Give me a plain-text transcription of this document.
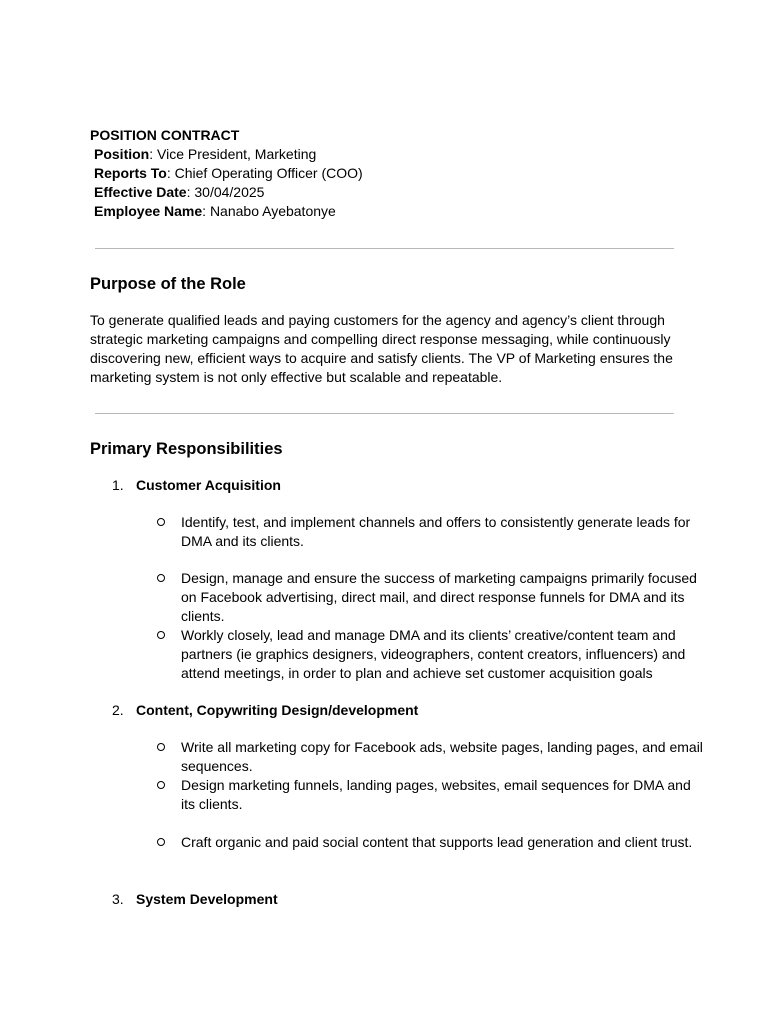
POSITION CONTRACT
Position: Vice President, Marketing
Reports To: Chief Operating Officer (COO)
Effective Date: 30/04/2025
Employee Name: Nanabo Ayebatonye
Purpose of the Role
To generate qualified leads and paying customers for the agency and agency’s client through strategic marketing campaigns and compelling direct response messaging, while continuously discovering new, efficient ways to acquire and satisfy clients. The VP of Marketing ensures the marketing system is not only effective but scalable and repeatable.
Primary Responsibilities
1. Customer Acquisition
Identify, test, and implement channels and offers to consistently generate leads for DMA and its clients.
Design, manage and ensure the success of marketing campaigns primarily focused on Facebook advertising, direct mail, and direct response funnels for DMA and its clients.
Workly closely, lead and manage DMA and its clients’ creative/content team and partners (ie graphics designers, videographers, content creators, influencers) and attend meetings, in order to plan and achieve set customer acquisition goals
2. Content, Copywriting Design/development
Write all marketing copy for Facebook ads, website pages, landing pages, and email sequences.
Design marketing funnels, landing pages, websites, email sequences for DMA and its clients.
Craft organic and paid social content that supports lead generation and client trust.
3. System Development
